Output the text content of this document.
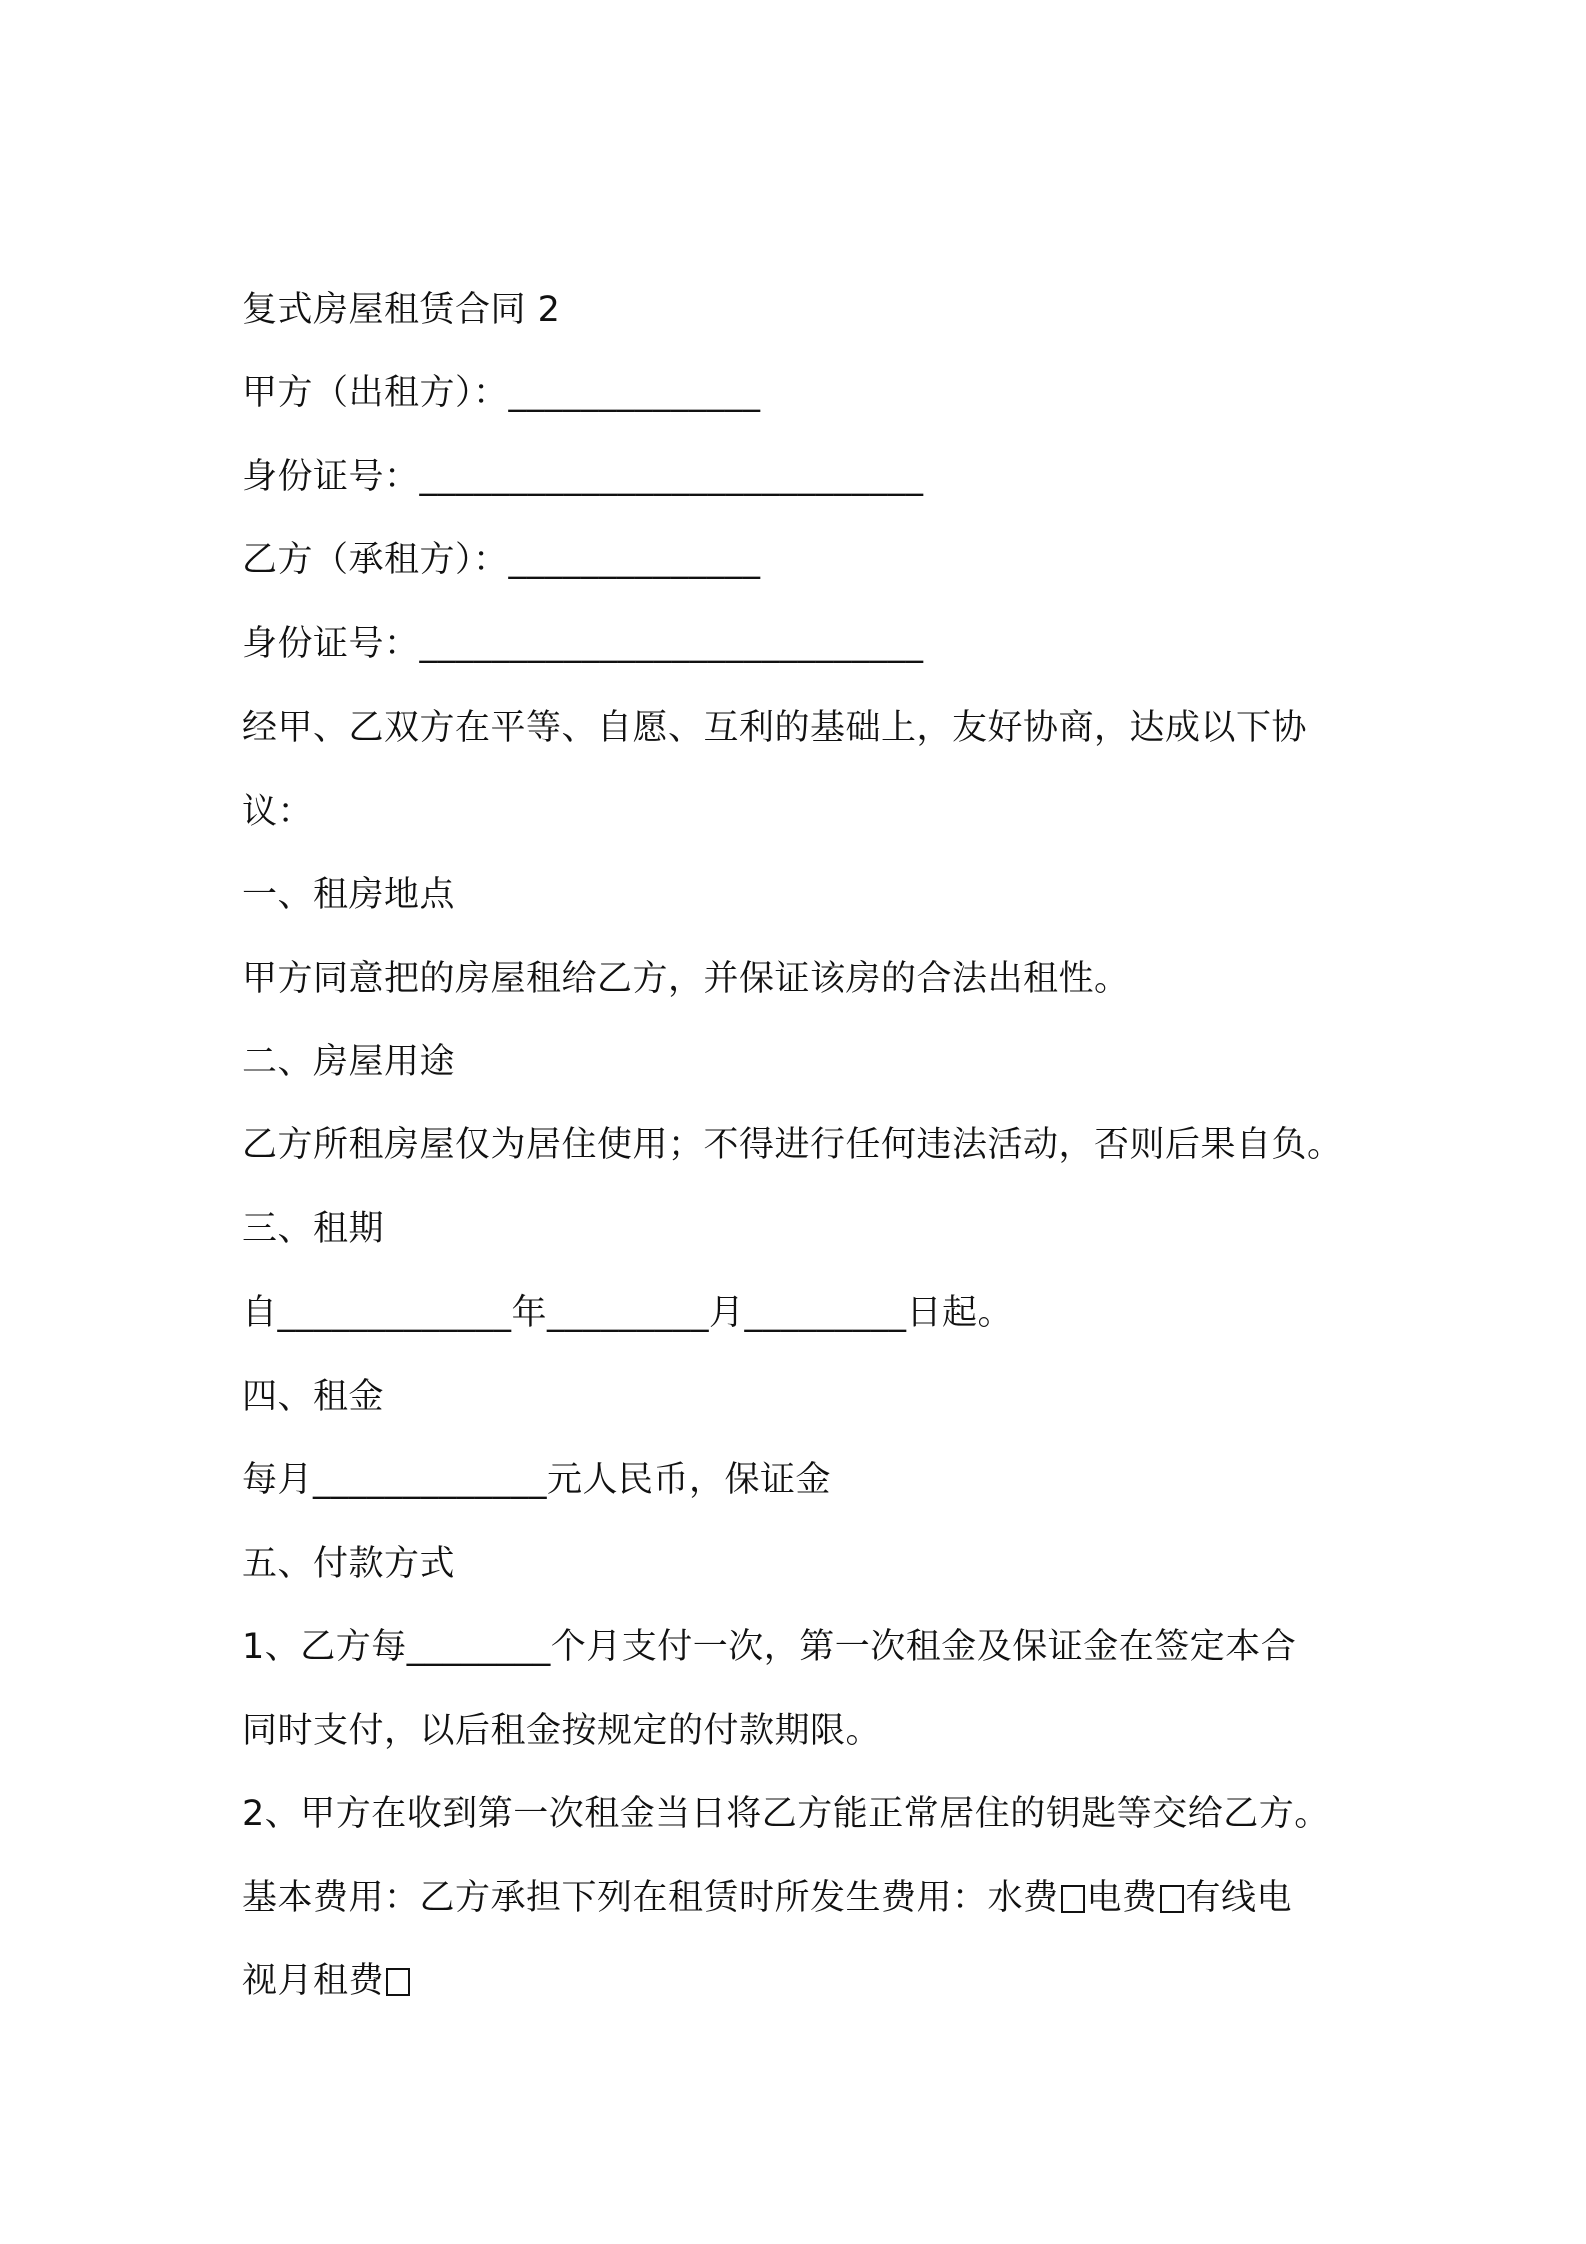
复式房屋租赁合同 2
甲方（出租方）：______________
身份证号：____________________________
乙方（承租方）：______________
身份证号：____________________________
经甲、乙双方在平等、自愿、互利的基础上，友好协商，达成以下协
议：
一、租房地点
甲方同意把的房屋租给乙方，并保证该房的合法出租性。
二、房屋用途
乙方所租房屋仅为居住使用；不得进行任何违法活动，否则后果自负。
三、租期
自_____________年_________月_________日起。
四、租金
每月_____________元人民币，保证金
五、付款方式
1、乙方每________个月支付一次，第一次租金及保证金在签定本合
同时支付，以后租金按规定的付款期限。
2、甲方在收到第一次租金当日将乙方能正常居住的钥匙等交给乙方。
基本费用：乙方承担下列在租赁时所发生费用：水费 电费 有线电
视月租费
